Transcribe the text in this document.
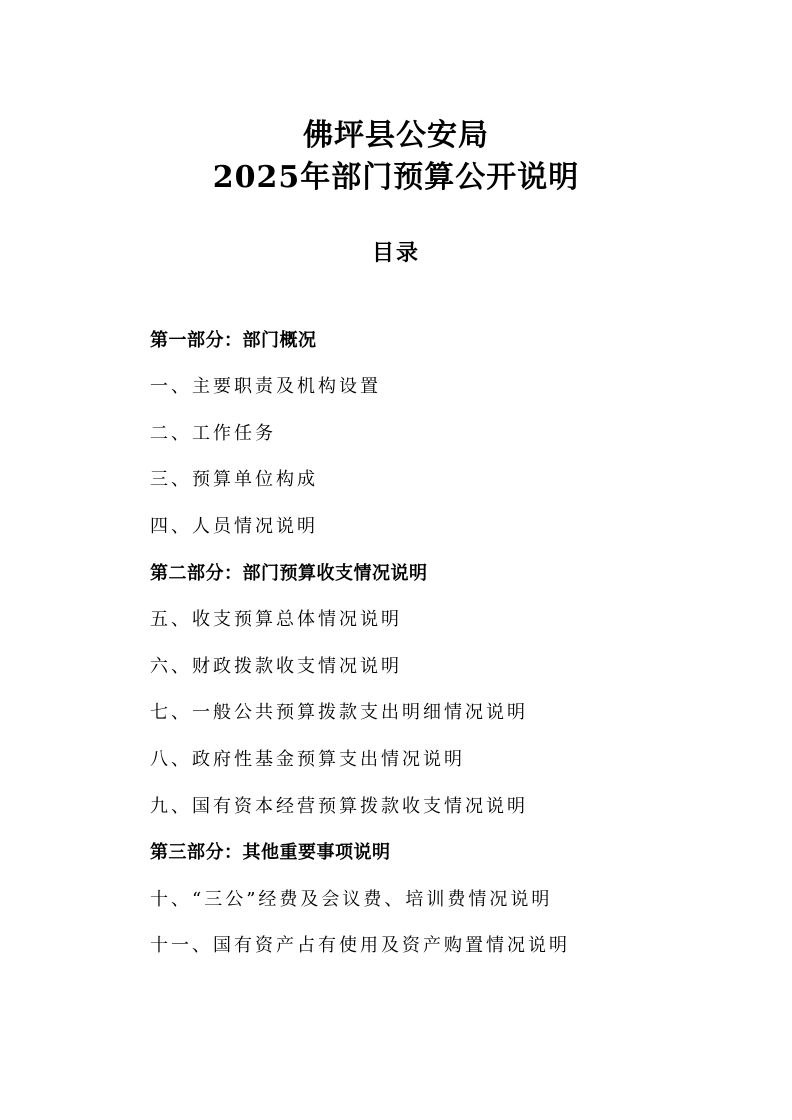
佛坪县公安局
2025年部门预算公开说明
目录
第一部分：部门概况
一、主要职责及机构设置
二、工作任务
三、预算单位构成
四、人员情况说明
第二部分：部门预算收支情况说明
五、收支预算总体情况说明
六、财政拨款收支情况说明
七、一般公共预算拨款支出明细情况说明
八、政府性基金预算支出情况说明
九、国有资本经营预算拨款收支情况说明
第三部分：其他重要事项说明
十、“三公”经费及会议费、培训费情况说明
十一、国有资产占有使用及资产购置情况说明
